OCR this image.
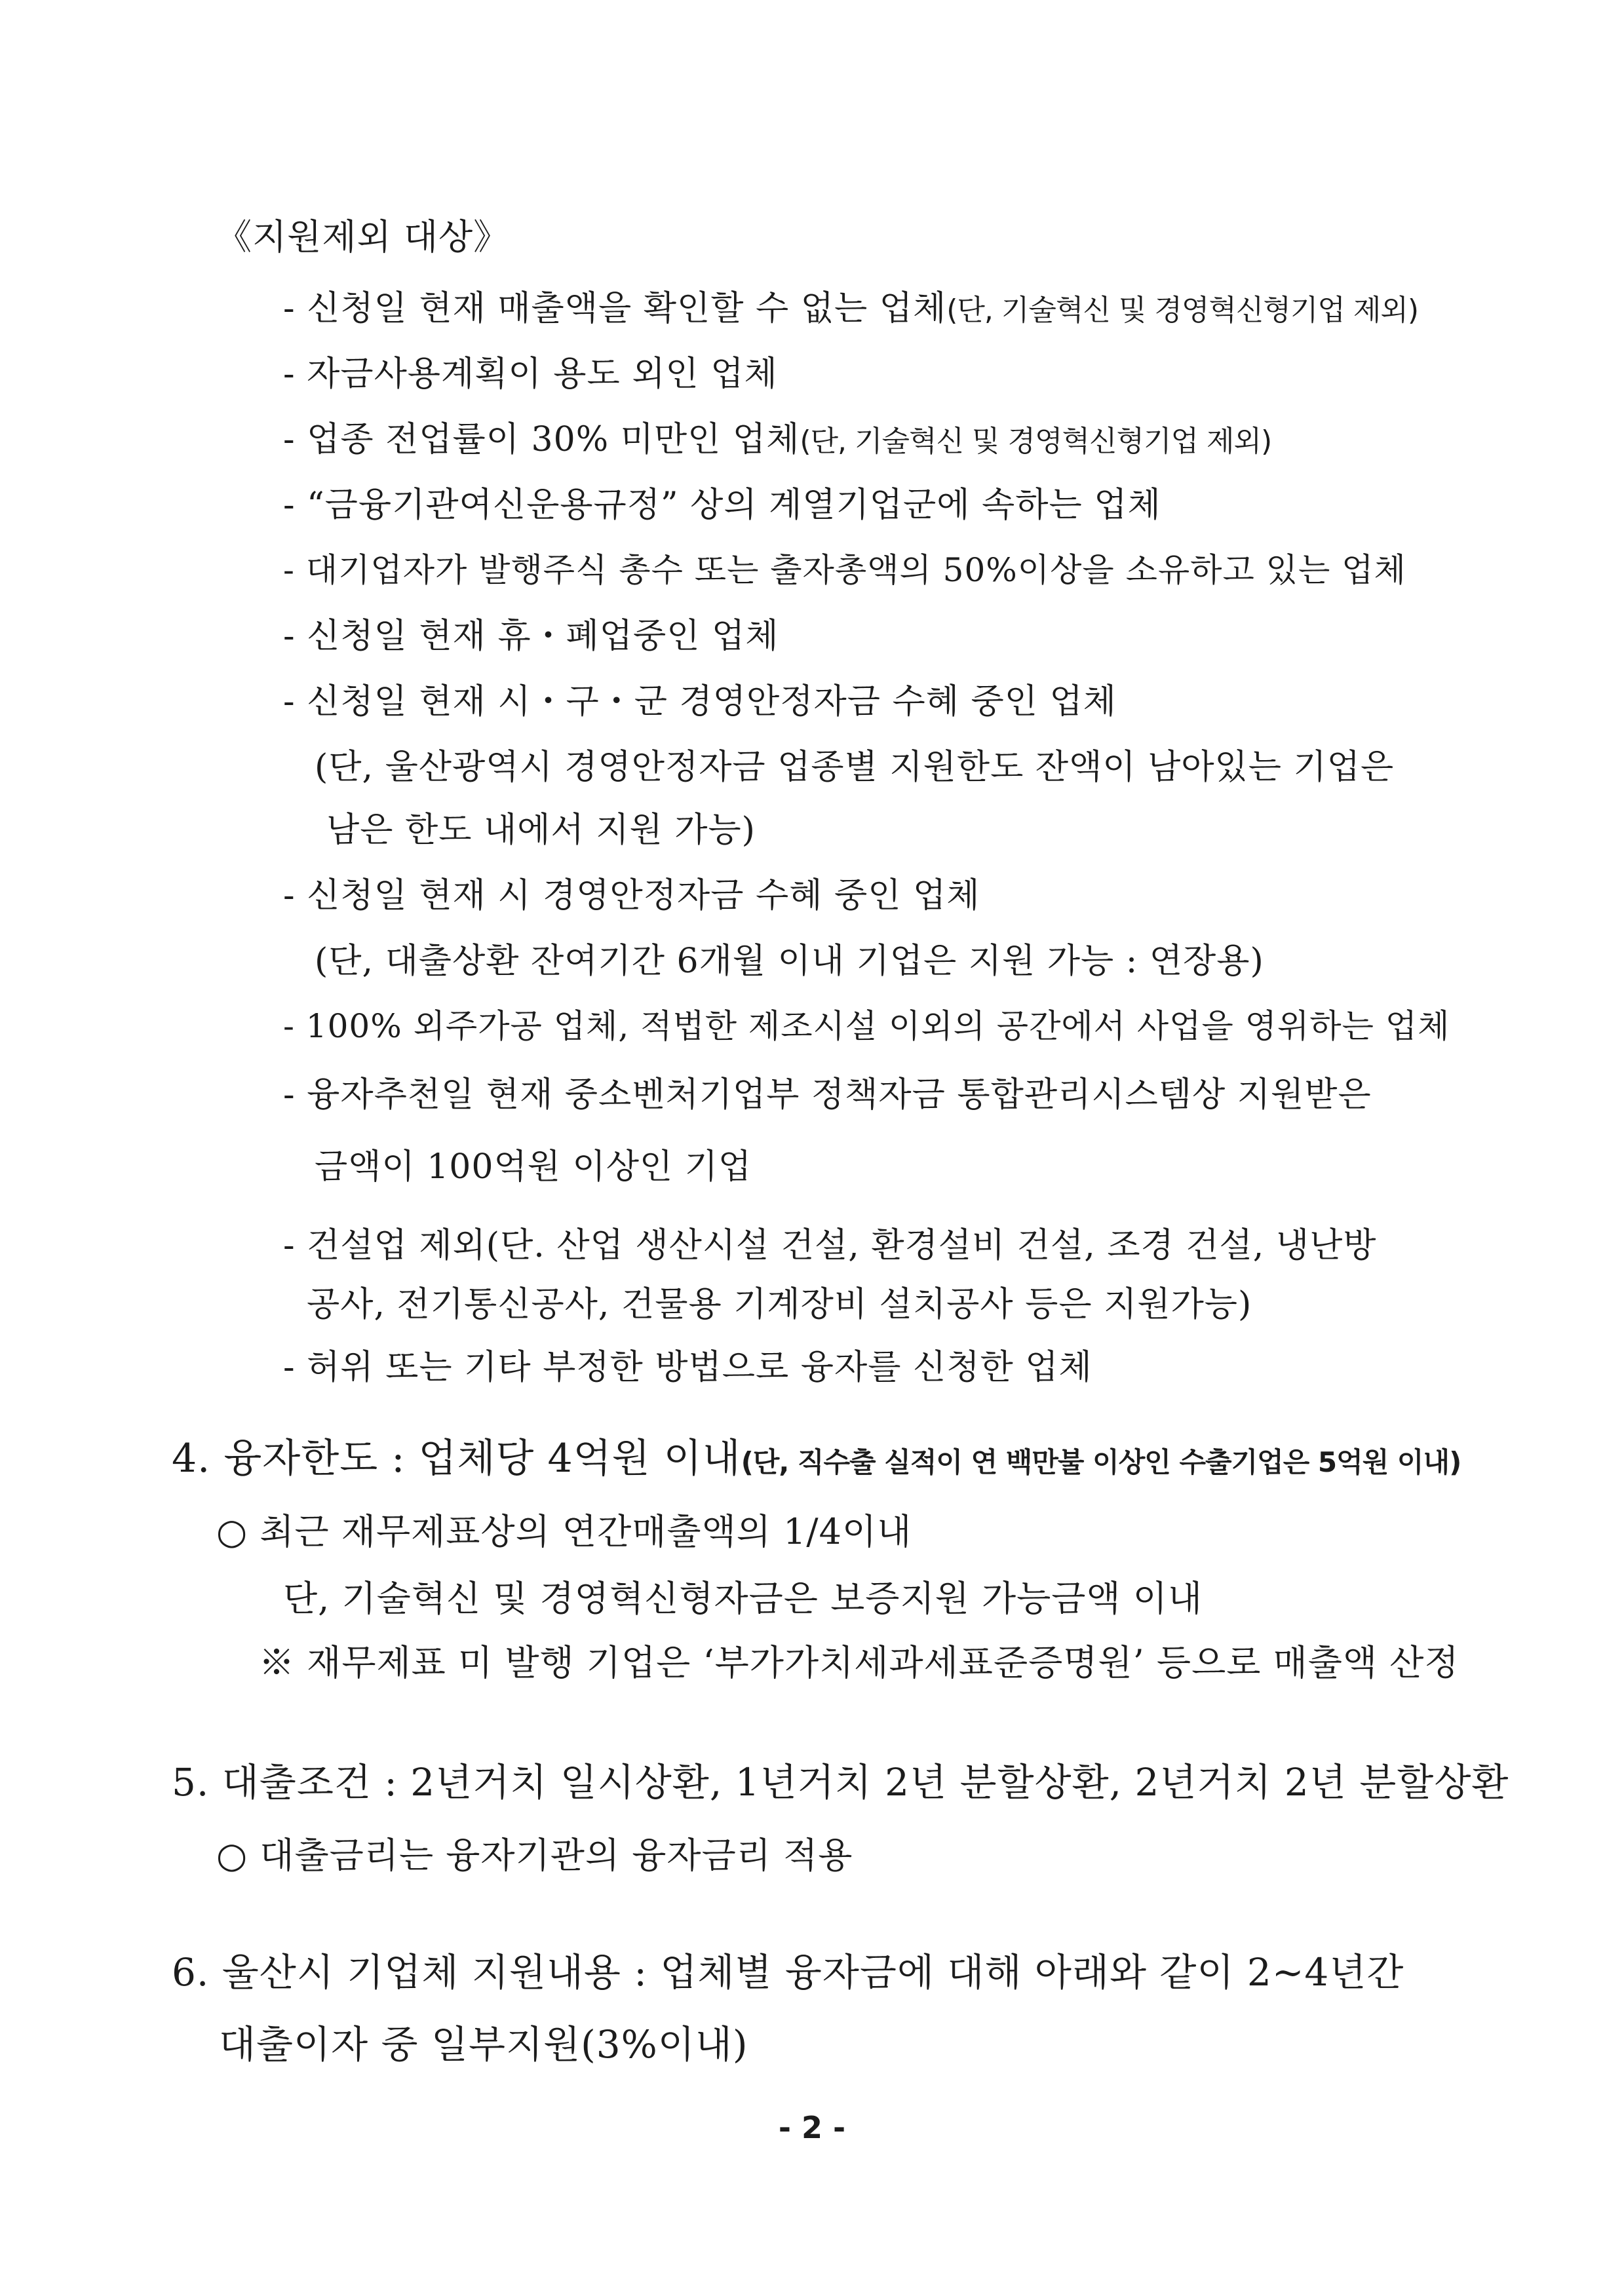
《지원제외 대상》
- 신청일 현재 매출액을 확인할 수 없는 업체(단, 기술혁신 및 경영혁신형기업 제외)
- 자금사용계획이 용도 외인 업체
- 업종 전업률이 30% 미만인 업체(단, 기술혁신 및 경영혁신형기업 제외)
- “금융기관여신운용규정” 상의 계열기업군에 속하는 업체
- 대기업자가 발행주식 총수 또는 출자총액의 50%이상을 소유하고 있는 업체
- 신청일 현재 휴・폐업중인 업체
- 신청일 현재 시・구・군 경영안정자금 수혜 중인 업체
(단, 울산광역시 경영안정자금 업종별 지원한도 잔액이 남아있는 기업은
남은 한도 내에서 지원 가능)
- 신청일 현재 시 경영안정자금 수혜 중인 업체
(단, 대출상환 잔여기간 6개월 이내 기업은 지원 가능 : 연장용)
- 100% 외주가공 업체, 적법한 제조시설 이외의 공간에서 사업을 영위하는 업체
- 융자추천일 현재 중소벤처기업부 정책자금 통합관리시스템상 지원받은
금액이 100억원 이상인 기업
- 건설업 제외(단. 산업 생산시설 건설, 환경설비 건설, 조경 건설, 냉난방
공사, 전기통신공사, 건물용 기계장비 설치공사 등은 지원가능)
- 허위 또는 기타 부정한 방법으로 융자를 신청한 업체
4. 융자한도 : 업체당 4억원 이내(단, 직수출 실적이 연 백만불 이상인 수출기업은 5억원 이내)
○ 최근 재무제표상의 연간매출액의 1/4이내
단, 기술혁신 및 경영혁신형자금은 보증지원 가능금액 이내
※ 재무제표 미 발행 기업은 ‘부가가치세과세표준증명원’ 등으로 매출액 산정
5. 대출조건 : 2년거치 일시상환, 1년거치 2년 분할상환, 2년거치 2년 분할상환
○ 대출금리는 융자기관의 융자금리 적용
6. 울산시 기업체 지원내용 : 업체별 융자금에 대해 아래와 같이 2~4년간
대출이자 중 일부지원(3%이내)
- 2 -
